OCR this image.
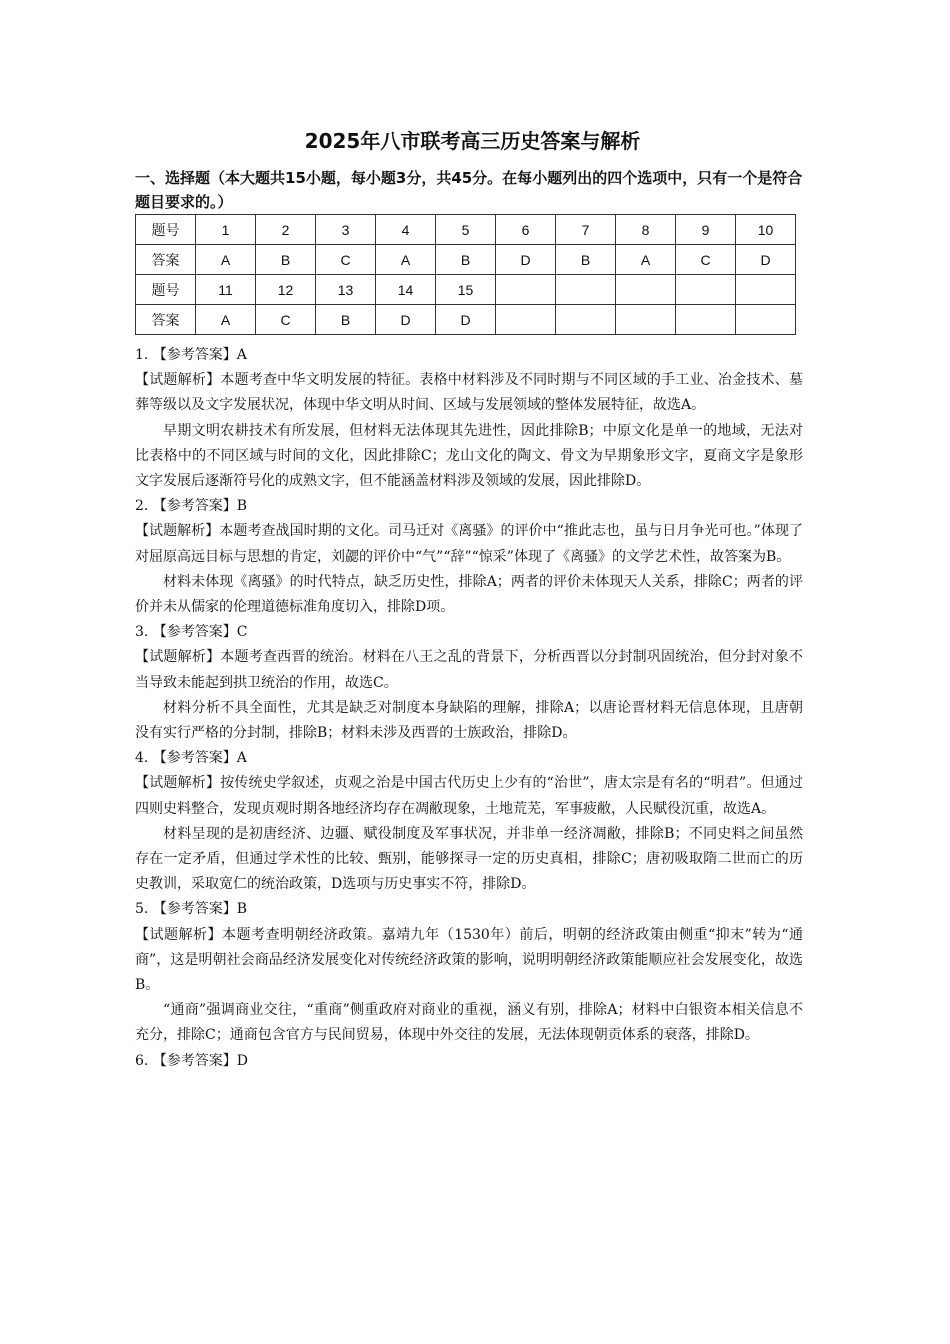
2025年八市联考高三历史答案与解析

一、选择题（本大题共15小题，每小题3分，共45分。在每小题列出的四个选项中，只有一个是符合题目要求的。）

题号	1	2	3	4	5	6	7	8	9	10
答案	A	B	C	A	B	D	B	A	C	D
题号	11	12	13	14	15					
答案	A	C	B	D	D					

1. 【参考答案】A

【试题解析】本题考查中华文明发展的特征。表格中材料涉及不同时期与不同区域的手工业、冶金技术、墓葬等级以及文字发展状况，体现中华文明从时间、区域与发展领域的整体发展特征，故选A。

早期文明农耕技术有所发展，但材料无法体现其先进性，因此排除B；中原文化是单一的地域，无法对比表格中的不同区域与时间的文化，因此排除C；龙山文化的陶文、骨文为早期象形文字，夏商文字是象形文字发展后逐渐符号化的成熟文字，但不能涵盖材料涉及领域的发展，因此排除D。

2. 【参考答案】B

【试题解析】本题考查战国时期的文化。司马迁对《离骚》的评价中“推此志也，虽与日月争光可也。”体现了对屈原高远目标与思想的肯定，刘勰的评价中“气”“辞”“惊采”体现了《离骚》的文学艺术性，故答案为B。

材料未体现《离骚》的时代特点，缺乏历史性，排除A；两者的评价未体现天人关系，排除C；两者的评价并未从儒家的伦理道德标准角度切入，排除D项。

3. 【参考答案】C

【试题解析】本题考查西晋的统治。材料在八王之乱的背景下，分析西晋以分封制巩固统治，但分封对象不当导致未能起到拱卫统治的作用，故选C。

材料分析不具全面性，尤其是缺乏对制度本身缺陷的理解，排除A；以唐论晋材料无信息体现，且唐朝没有实行严格的分封制，排除B；材料未涉及西晋的士族政治，排除D。

4. 【参考答案】A

【试题解析】按传统史学叙述，贞观之治是中国古代历史上少有的“治世”，唐太宗是有名的“明君”。但通过四则史料整合，发现贞观时期各地经济均存在凋敝现象，土地荒芜，军事疲敝，人民赋役沉重，故选A。

材料呈现的是初唐经济、边疆、赋役制度及军事状况，并非单一经济凋敝，排除B；不同史料之间虽然存在一定矛盾，但通过学术性的比较、甄别，能够探寻一定的历史真相，排除C；唐初吸取隋二世而亡的历史教训，采取宽仁的统治政策，D选项与历史事实不符，排除D。

5. 【参考答案】B

【试题解析】本题考查明朝经济政策。嘉靖九年（1530年）前后，明朝的经济政策由侧重“抑末”转为“通商”，这是明朝社会商品经济发展变化对传统经济政策的影响，说明明朝经济政策能顺应社会发展变化，故选B。

“通商”强调商业交往，“重商”侧重政府对商业的重视，涵义有别，排除A；材料中白银资本相关信息不充分，排除C；通商包含官方与民间贸易，体现中外交往的发展，无法体现朝贡体系的衰落，排除D。

6. 【参考答案】D
